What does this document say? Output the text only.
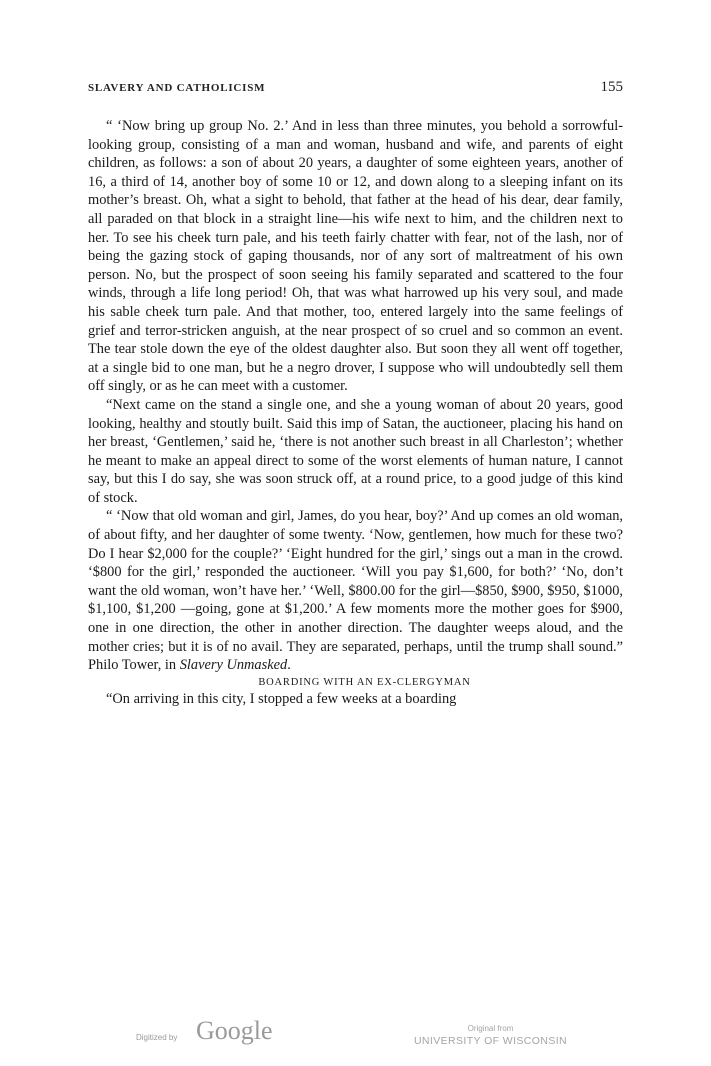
SLAVERY AND CATHOLICISM	155

“ ‘Now bring up group No. 2.’ And in less than three minutes, you behold a sorrowful-looking group, consisting of a man and woman, husband and wife, and parents of eight children, as follows: a son of about 20 years, a daughter of some eighteen years, another of 16, a third of 14, another boy of some 10 or 12, and down along to a sleeping infant on its mother’s breast. Oh, what a sight to behold, that father at the head of his dear, dear family, all paraded on that block in a straight line—his wife next to him, and the children next to her. To see his cheek turn pale, and his teeth fairly chatter with fear, not of the lash, nor of being the gazing stock of gaping thousands, nor of any sort of maltreatment of his own person. No, but the prospect of soon seeing his family separated and scattered to the four winds, through a life long period! Oh, that was what harrowed up his very soul, and made his sable cheek turn pale. And that mother, too, entered largely into the same feelings of grief and terror-stricken anguish, at the near prospect of so cruel and so common an event. The tear stole down the eye of the oldest daughter also. But soon they all went off together, at a single bid to one man, but he a negro drover, I suppose who will undoubtedly sell them off singly, or as he can meet with a customer.

“Next came on the stand a single one, and she a young woman of about 20 years, good looking, healthy and stoutly built. Said this imp of Satan, the auctioneer, placing his hand on her breast, ‘Gentlemen,’ said he, ‘there is not another such breast in all Charleston’; whether he meant to make an appeal direct to some of the worst elements of human nature, I cannot say, but this I do say, she was soon struck off, at a round price, to a good judge of this kind of stock.

“ ‘Now that old woman and girl, James, do you hear, boy?’ And up comes an old woman, of about fifty, and her daughter of some twenty. ‘Now, gentlemen, how much for these two? Do I hear $2,000 for the couple?’ ‘Eight hundred for the girl,’ sings out a man in the crowd. ‘$800 for the girl,’ responded the auctioneer. ‘Will you pay $1,600, for both?’ ‘No, don’t want the old woman, won’t have her.’ ‘Well, $800.00 for the girl—$850, $900, $950, $1000, $1,100, $1,200 —going, gone at $1,200.’ A few moments more the mother goes for $900, one in one direction, the other in another direction. The daughter weeps aloud, and the mother cries; but it is of no avail. They are separated, perhaps, until the trump shall sound.” Philo Tower, in Slavery Unmasked.

BOARDING WITH AN EX-CLERGYMAN

“On arriving in this city, I stopped a few weeks at a boarding

Digitized by Google	Original from
UNIVERSITY OF WISCONSIN
